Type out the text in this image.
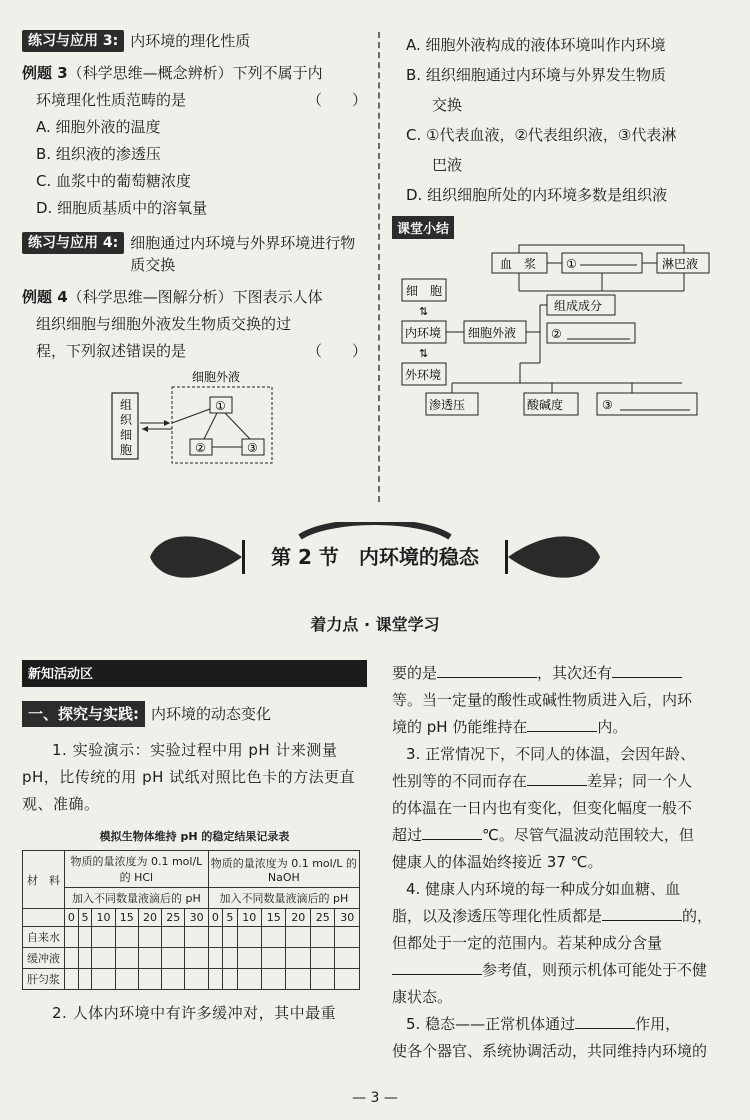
练习与应用 3: 内环境的理化性质
例题 3（科学思维—概念辨析）下列不属于内
环境理化性质范畴的是	（　　）
A. 细胞外液的温度
B. 组织液的渗透压
C. 血浆中的葡萄糖浓度
D. 细胞质基质中的溶氧量
练习与应用 4: 细胞通过内环境与外界环境进行物质交换
例题 4（科学思维—图解分析）下图表示人体
组织细胞与细胞外液发生物质交换的过
程，下列叙述错误的是	（　　）
细胞外液
组
织
细
胞
①
②	③
A. 细胞外液构成的液体环境叫作内环境
B. 组织细胞通过内环境与外界发生物质
交换
C. ①代表血液，②代表组织液，③代表淋
巴液
D. 组织细胞所处的内环境多数是组织液
课堂小结
血　浆 ①	淋巴液
细　胞
⇅
内环境
⇅
外环境
细胞外液
组成成分
②
渗透压	酸碱度	③
第 2 节　内环境的稳态
着力点 · 课堂学习
新知活动区
一、探究与实践: 内环境的动态变化
1. 实验演示：实验过程中用 pH 计来测量 pH，比传统的用 pH 试纸对照比色卡的方法更直观、准确。
模拟生物体维持 pH 的稳定结果记录表
材　料	物质的量浓度为 0.1 mol/L 的 HCl							物质的量浓度为 0.1 mol/L 的 NaOH						
	加入不同数量液滴后的 pH							加入不同数量液滴后的 pH						
	0	5	10	15	20	25	30	0	5	10	15	20	25	30
自来水														
缓冲液														
肝匀浆														
2. 人体内环境中有许多缓冲对，其中最重
要的是	，其次还有
等。当一定量的酸性或碱性物质进入后，内环
境的 pH 仍能维持在	内。
3. 正常情况下，不同人的体温，会因年龄、
性别等的不同而存在	差异；同一个人
的体温在一日内也有变化，但变化幅度一般不
超过	℃。尽管气温波动范围较大，但
健康人的体温始终接近 37 ℃。
4. 健康人内环境的每一种成分如血糖、血
脂，以及渗透压等理化性质都是	的，
但都处于一定的范围内。若某种成分含量
参考值，则预示机体可能处于不健
康状态。
5. 稳态——正常机体通过	作用，
使各个器官、系统协调活动，共同维持内环境的
— 3 —
